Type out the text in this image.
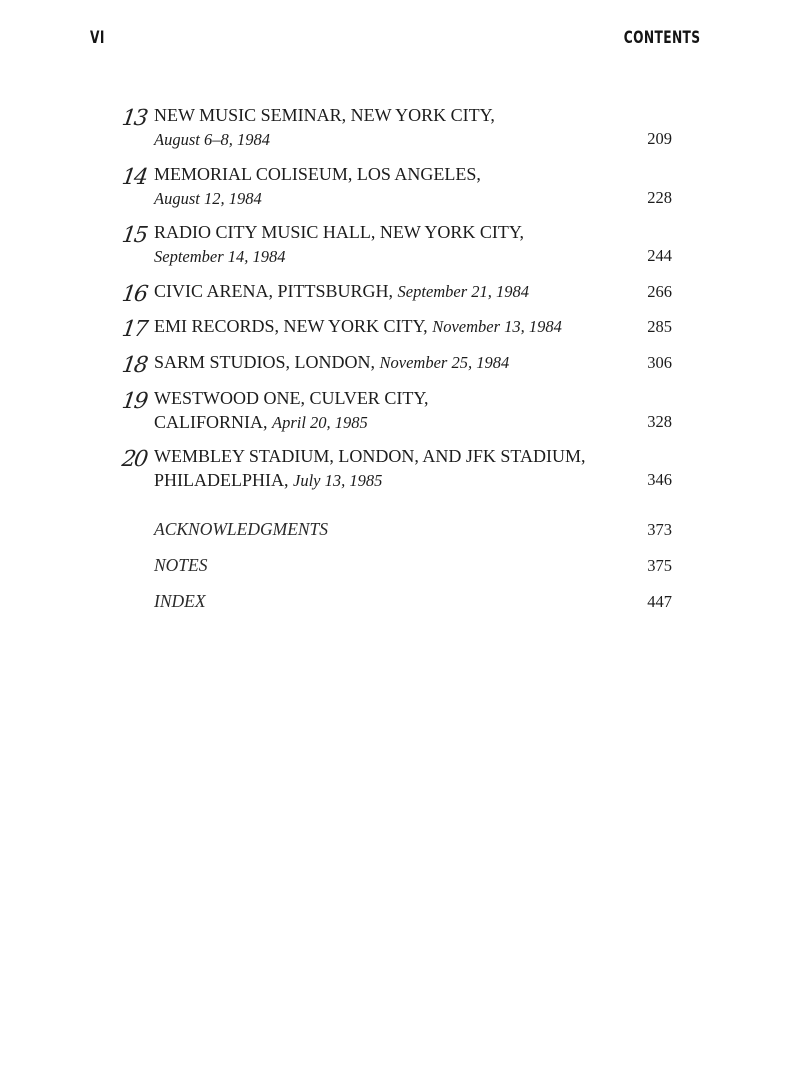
VI	CONTENTS
13 NEW MUSIC SEMINAR, NEW YORK CITY,
August 6–8, 1984	209
14 MEMORIAL COLISEUM, LOS ANGELES,
August 12, 1984	228
15 RADIO CITY MUSIC HALL, NEW YORK CITY,
September 14, 1984	244
16 CIVIC ARENA, PITTSBURGH, September 21, 1984	266
17 EMI RECORDS, NEW YORK CITY, November 13, 1984	285
18 SARM STUDIOS, LONDON, November 25, 1984	306
19 WESTWOOD ONE, CULVER CITY,
CALIFORNIA, April 20, 1985	328
20 WEMBLEY STADIUM, LONDON, AND JFK STADIUM,
PHILADELPHIA, July 13, 1985	346
ACKNOWLEDGMENTS	373
NOTES	375
INDEX	447
